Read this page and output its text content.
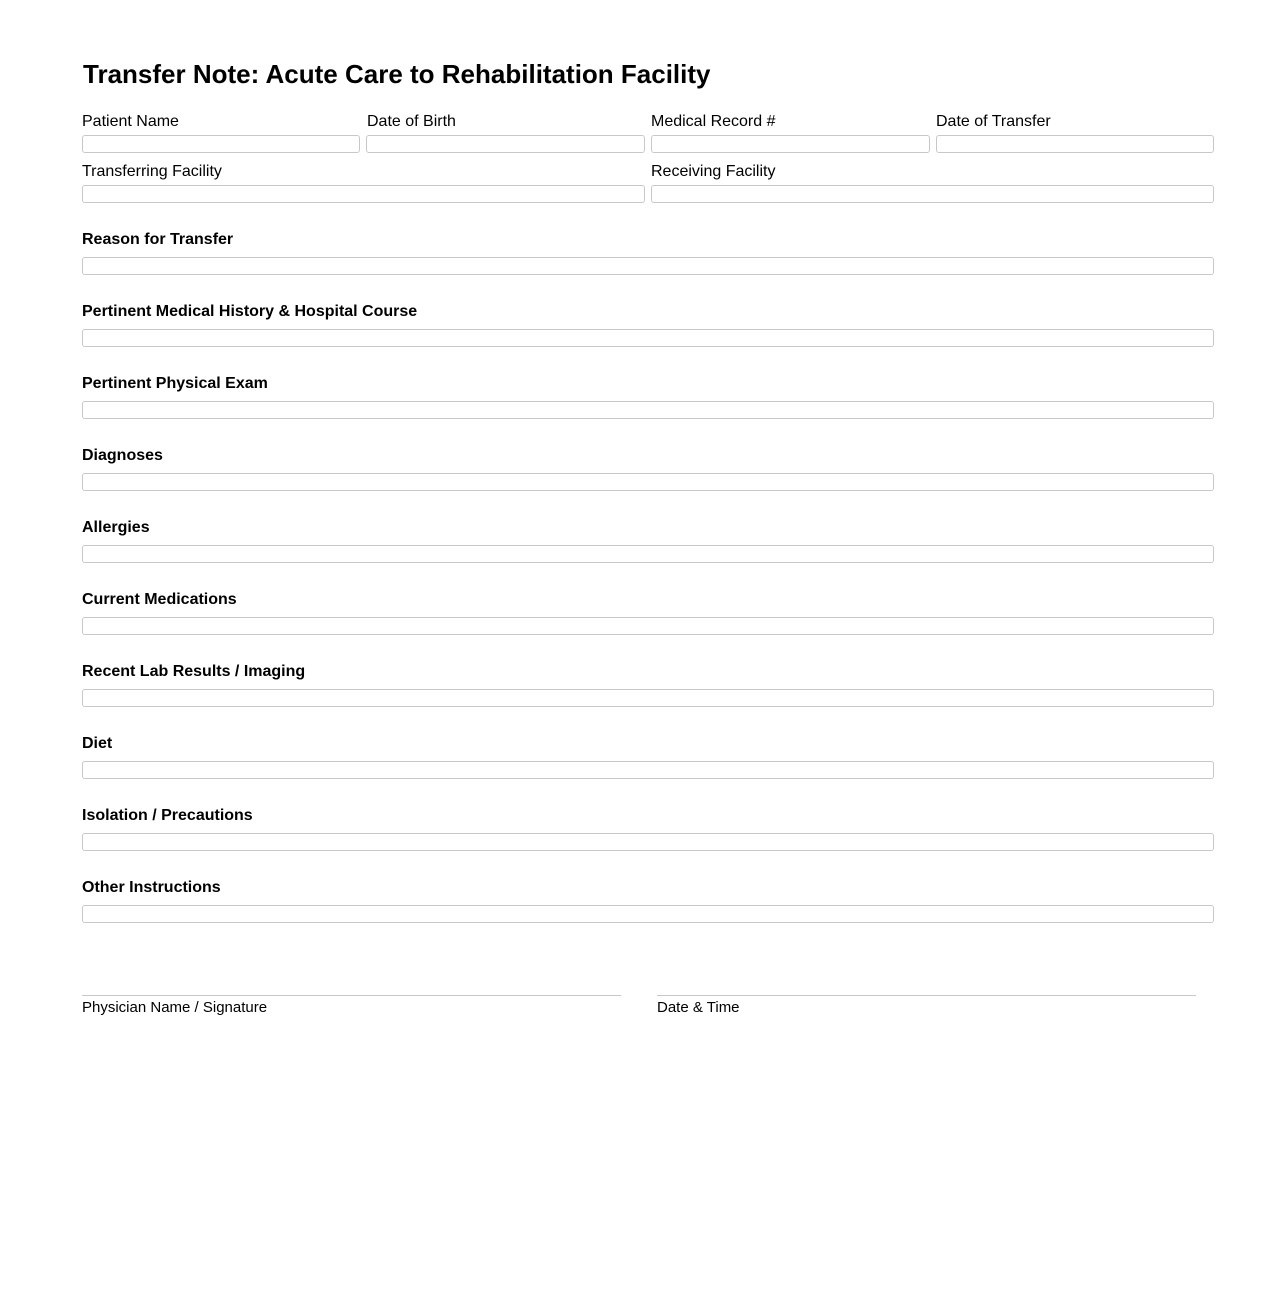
Transfer Note: Acute Care to Rehabilitation Facility
Patient Name	Date of Birth	Medical Record #	Date of Transfer
Transferring Facility	Receiving Facility
Reason for Transfer
Pertinent Medical History & Hospital Course
Pertinent Physical Exam
Diagnoses
Allergies
Current Medications
Recent Lab Results / Imaging
Diet
Isolation / Precautions
Other Instructions
Physician Name / Signature	Date & Time
